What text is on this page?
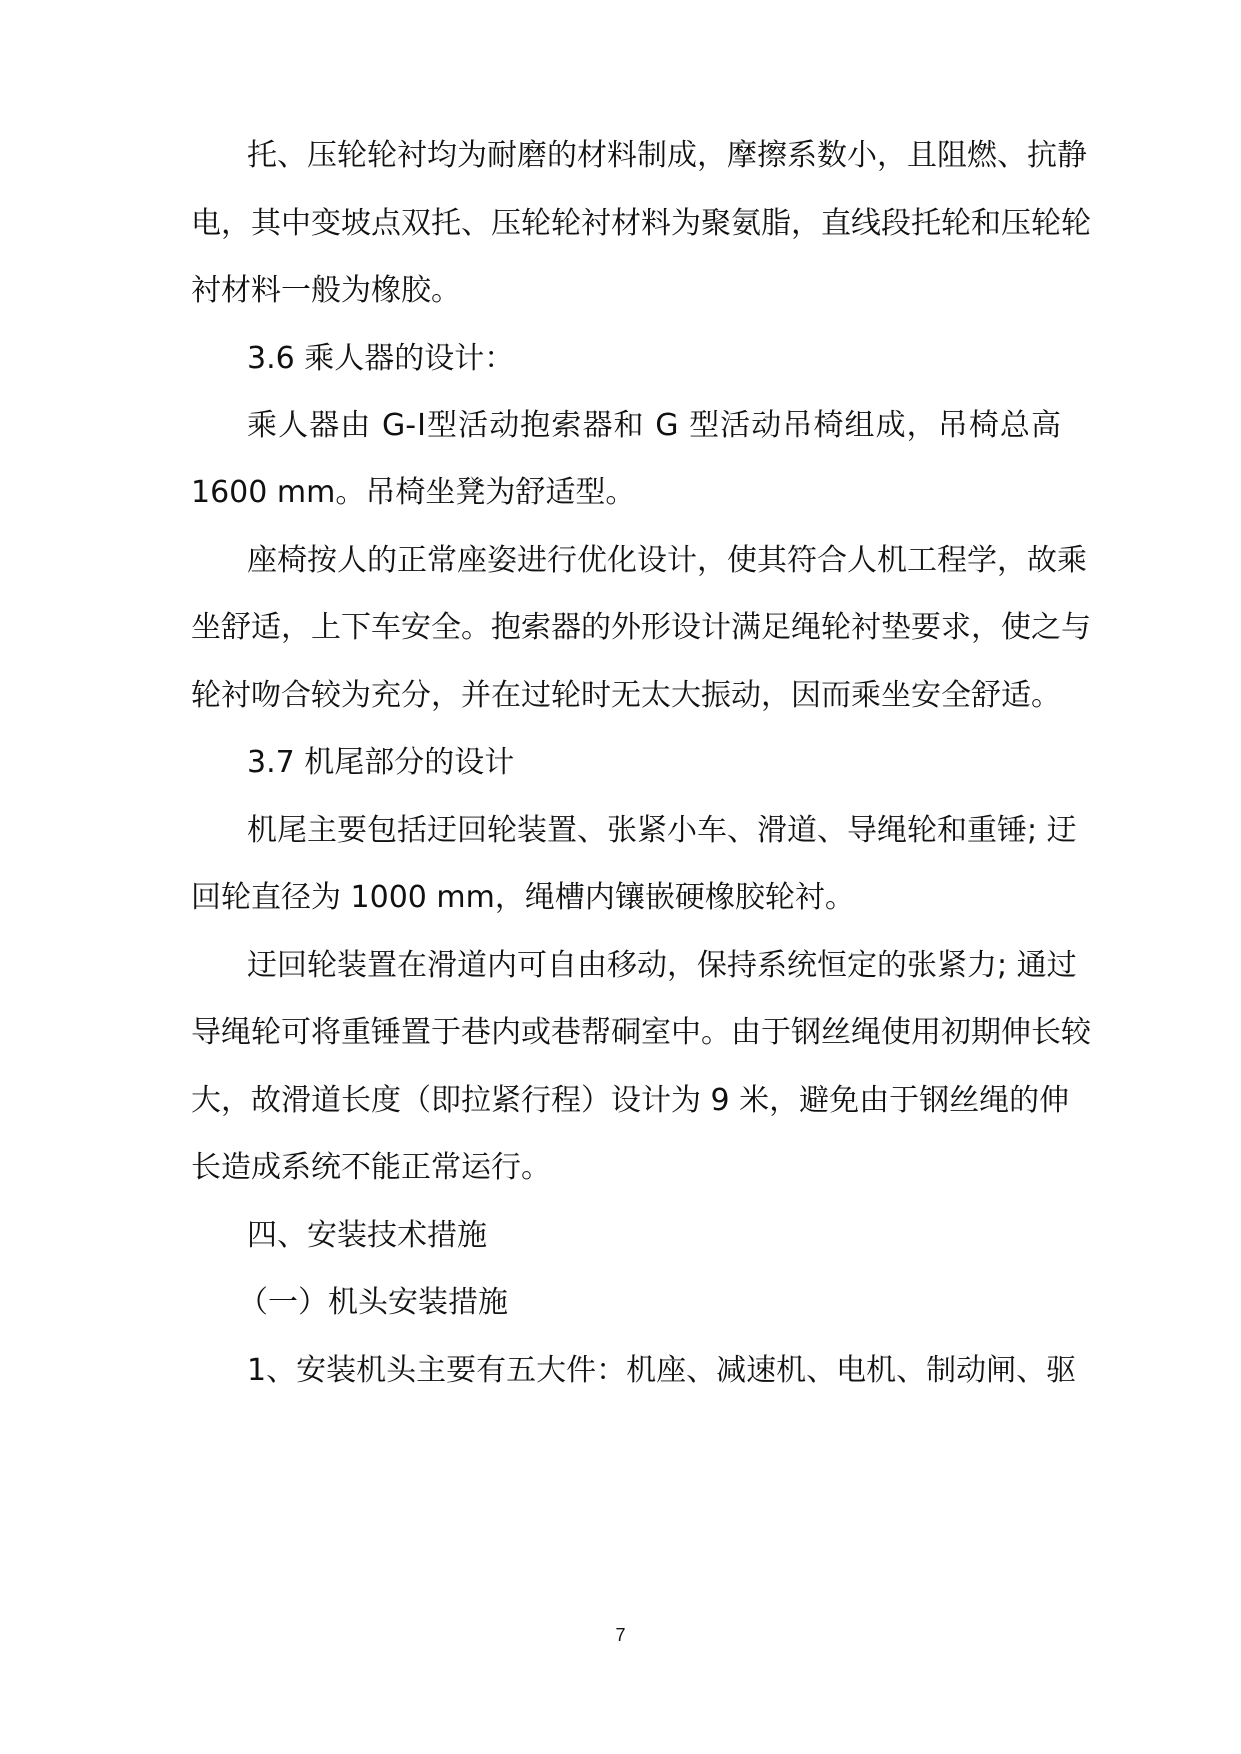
托、压轮轮衬均为耐磨的材料制成，摩擦系数小，且阻燃、抗静
电，其中变坡点双托、压轮轮衬材料为聚氨脂，直线段托轮和压轮轮
衬材料一般为橡胶。
3.6 乘人器的设计：
乘人器由 G-Ⅰ型活动抱索器和 G 型活动吊椅组成，吊椅总高
1600 mm。吊椅坐凳为舒适型。
座椅按人的正常座姿进行优化设计，使其符合人机工程学，故乘
坐舒适，上下车安全。抱索器的外形设计满足绳轮衬垫要求，使之与
轮衬吻合较为充分，并在过轮时无太大振动，因而乘坐安全舒适。
3.7 机尾部分的设计
机尾主要包括迂回轮装置、张紧小车、滑道、导绳轮和重锤; 迂
回轮直径为 1000 mm，绳槽内镶嵌硬橡胶轮衬。
迂回轮装置在滑道内可自由移动，保持系统恒定的张紧力; 通过
导绳轮可将重锤置于巷内或巷帮硐室中。由于钢丝绳使用初期伸长较
大，故滑道长度（即拉紧行程）设计为 9 米，避免由于钢丝绳的伸
长造成系统不能正常运行。
四、安装技术措施
（一）机头安装措施
1、安装机头主要有五大件：机座、减速机、电机、制动闸、驱
7
